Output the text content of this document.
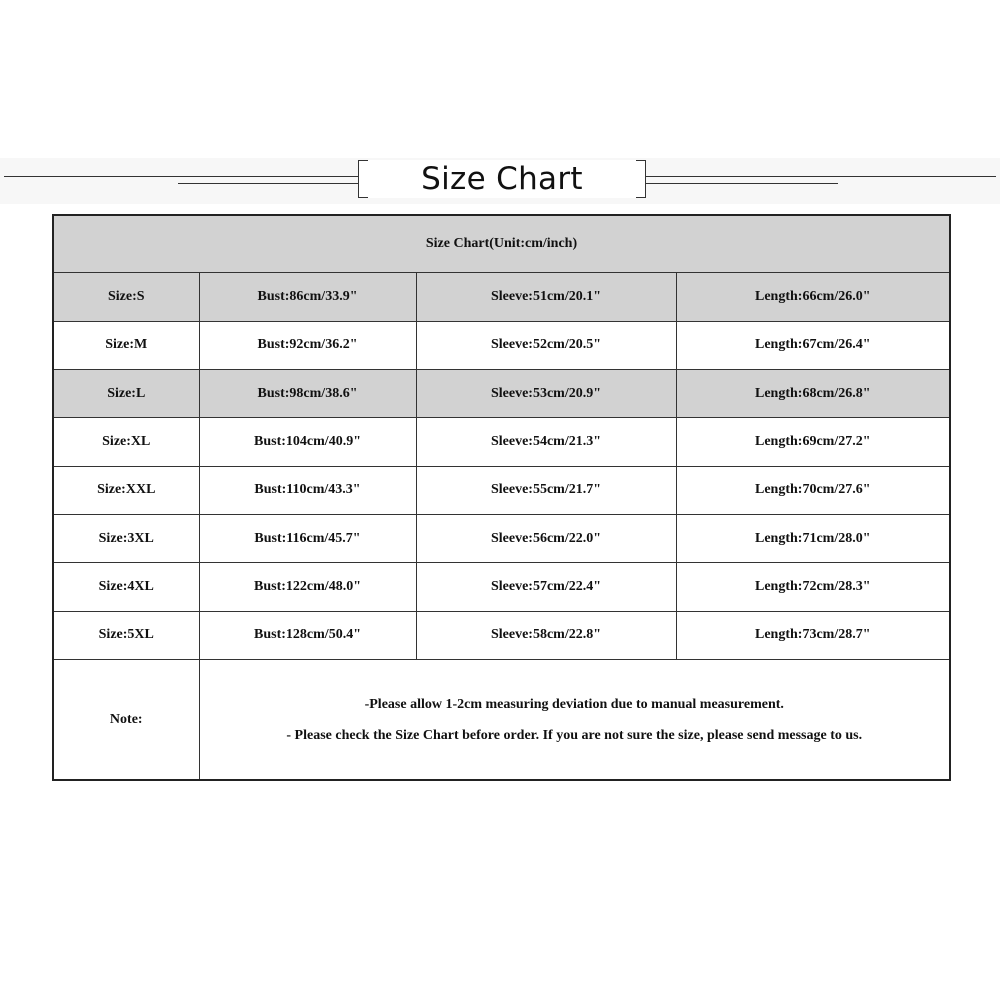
Size Chart
Size Chart(Unit:cm/inch)			
Size:S	Bust:86cm/33.9"	Sleeve:51cm/20.1"	Length:66cm/26.0"
Size:M	Bust:92cm/36.2"	Sleeve:52cm/20.5"	Length:67cm/26.4"
Size:L	Bust:98cm/38.6"	Sleeve:53cm/20.9"	Length:68cm/26.8"
Size:XL	Bust:104cm/40.9"	Sleeve:54cm/21.3"	Length:69cm/27.2"
Size:XXL	Bust:110cm/43.3"	Sleeve:55cm/21.7"	Length:70cm/27.6"
Size:3XL	Bust:116cm/45.7"	Sleeve:56cm/22.0"	Length:71cm/28.0"
Size:4XL	Bust:122cm/48.0"	Sleeve:57cm/22.4"	Length:72cm/28.3"
Size:5XL	Bust:128cm/50.4"	Sleeve:58cm/22.8"	Length:73cm/28.7"
Note:	-Please allow 1-2cm measuring deviation due to manual measurement.

- Please check the Size Chart before order. If you are not sure the size, please send message to us.		
